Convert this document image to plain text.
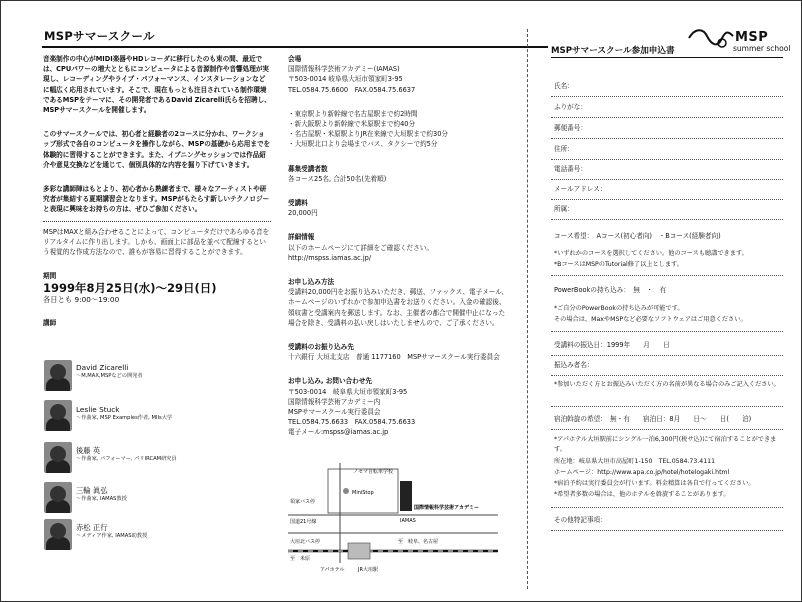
MSPサマースクール	MSP
summer school

音楽制作の中心がMIDI楽器やHDレコーダに移行したのも束の間、最近では、CPUパワーの増大とともにコンピュータによる音源制作や音響処理が実現し、レコーディングやライブ・パフォーマンス、インスタレーションなどに幅広く応用されています。そこで、現在もっとも注目されている制作環境であるMSPをテーマに、その開発者であるDavid Zicarelli氏らを招聘し、MSPサマースクールを開催します。

このサマースクールでは、初心者と経験者の2コースに分かれ、ワークショップ形式で各自のコンピュータを操作しながら、MSPの基礎から応用までを体験的に習得することができます。また、イブニングセッションでは作品紹介や意見交換などを通じて、個別具体的な内容を掘り下げていきます。

多彩な講師陣はもとより、初心者から熟練者まで、様々なアーティストや研究者が集結する夏期講習会となります。MSPがもたらす新しいテクノロジーと表現に興味をお持ちの方は、ぜひご参加ください。

MSPはMAXと組み合わせることによって、コンピュータだけであらゆる音をリアルタイムに作り出します。しかも、画面上に部品を並べて配線するという視覚的な作成方法なので、誰もが容易に習得することができます。

期間

1999年8月25日(水)〜29日(日)
各日とも 9:00〜19:00

講師

David Zicarelli
〜M,MAX,MSPなどの開発者
Leslie Stuck
〜作曲家, MSP Examples作者, MIIs大学
後藤 英
〜作曲家, パフォーマー, パリIRCAM研究員
三輪 眞弘
〜作曲家, IAMAS教授
赤松 正行
〜メディア作家, IAMAS助教授

会場

国際情報科学芸術アカデミー(IAMAS)
〒503-0014 岐阜県大垣市領家町3-95
TEL.0584.75.6600　FAX.0584.75.6637
・東京駅より新幹線で名古屋駅まで約2時間
・新大阪駅より新幹線で米原駅まで約40分
・名古屋駅・米原駅よりJR在来線で大垣駅まで約30分
・大垣駅北口より会場までバス、タクシーで約5分

募集受講者数

各コース25名, 合計50名(先着順)

受講料

20,000円

詳細情報

以下のホームページにて詳細をご確認ください。
http://mspss.iamas.ac.jp/

お申し込み方法

受講料20,000円をお振り込みいただき、郵送、ファックス、電子メール、
ホームページのいずれかで参加申込書をお送りください。入金の確認後、
領収書と受講案内を郵送します。なお、主催者の都合で開催中止になった
場合を除き、受講料の払い戻しはいたしませんので、ご了承ください。

受講料のお振り込み先

十六銀行 大垣北支店　普通 1177160　MSPサマースクール実行委員会

お申し込み, お問い合わせ先

〒503-0014　岐阜県大垣市領家町3-95
国際情報科学芸術アカデミー内
MSPサマースクール実行委員会
TEL.0584.75.6633　FAX.0584.75.6633
電子メール:mspss@iamas.ac.jp
ノセマ自転車学校
MiniStop
領家バス停
国道21号線
国際情報科学芸術アカデミー
IAMAS
大垣北バス停	至　岐阜、名古屋
至　米原
アパホテル	JR大垣駅
MSPサマースクール参加申込書
氏名：
ふりがな：
郵便番号：
住所：
電話番号：
メールアドレス：
所属：
コース希望：　Aコース(初心者向)　・Bコース(経験者向)
*いずれかのコースを選択してください。他のコースも聴講できます。
*BコースはMSPのTutorial修了以上とします。
PowerBookの持ち込み：　無　・　有
*ご自分のPowerBookの持ち込みが可能です。
その場合は、MaxやMSPなど必要なソフトウェアはご用意ください。
受講料の振込日：1999年　　月　　日
振込み者名：
*参加いただく方とお振込みいただく方の名前が異なる場合のみご記入ください。
宿泊斡旋の希望：　無・有　　宿泊日：8月　　日〜　　日(　　泊)
*アパホテル大垣駅前にシングル一泊6,300円(税サ込)にて宿泊することができます。
所在地：岐阜県大垣市高屋町1-150　TEL.0584.73.4111
ホームページ：http://www.apa.co.jp/hotel/hotelogaki.html
*宿泊予約は実行委員会が行います。料金精算は各自で行ってください。
*希望者多数の場合は、他のホテルを斡旋することがあります。
その他特記事項：
